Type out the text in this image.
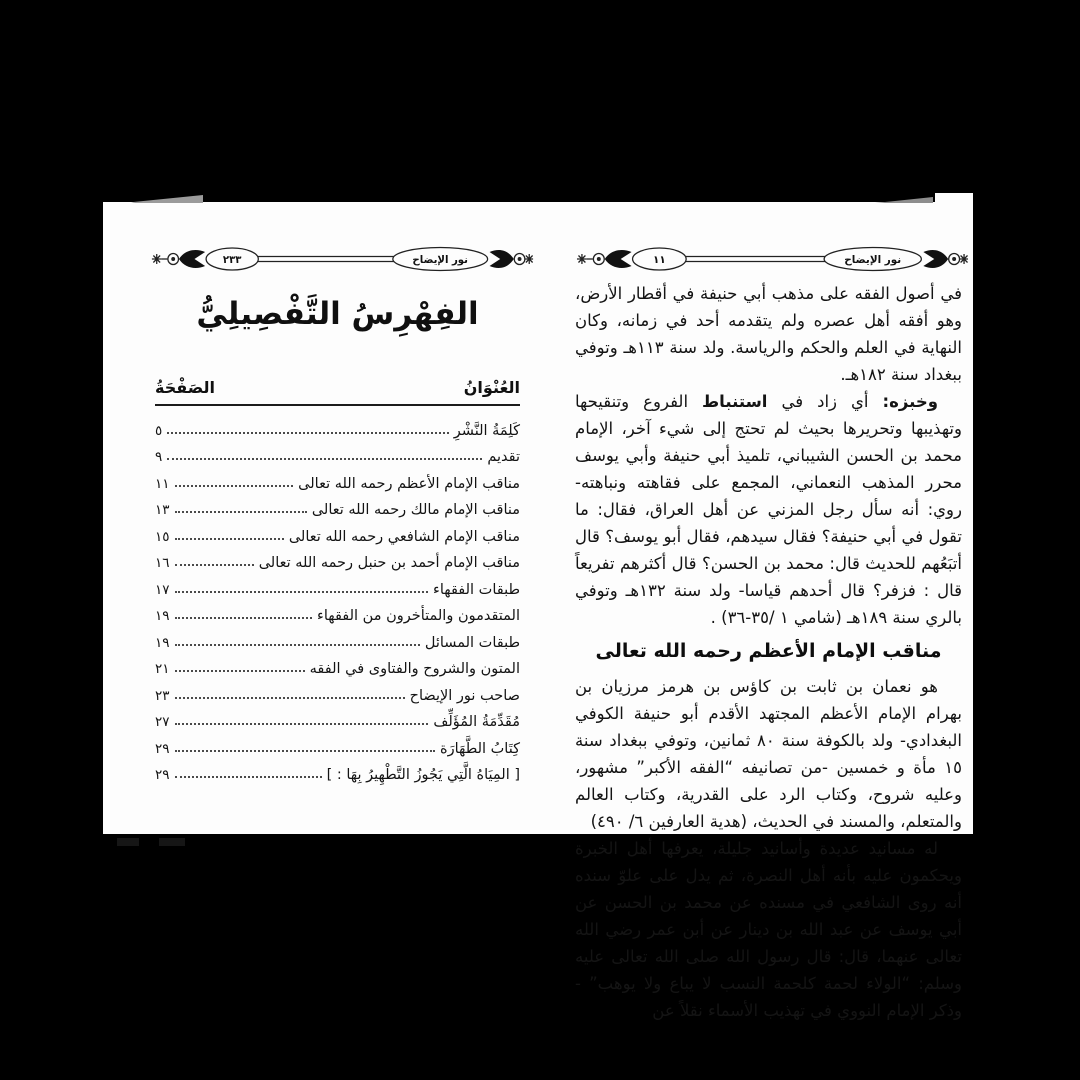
٢٣٣	نور الإيضاح
الفِهْرِسُ التَّفْصِيلِيُّ
العُنْوَانُ
الصَفْحَةُ
كَلِمَةُ النَّشْرِ
٥
تقديم
٩
مناقب الإمام الأعظم رحمه الله تعالى
١١
مناقب الإمام مالك رحمه الله تعالى
١٣
مناقب الإمام الشافعي رحمه الله تعالى
١٥
مناقب الإمام أحمد بن حنبل رحمه الله تعالى
١٦
طبقات الفقهاء
١٧
المتقدمون والمتأخرون من الفقهاء
١٩
طبقات المسائل
١٩
المتون والشروح والفتاوى في الفقه
٢١
صاحب نور الإيضاح
٢٣
مُقَدِّمَةُ المُؤَلِّف
٢٧
كِتَابُ الطَّهَارَة
٢٩
[ المِيَاهُ الَّتِي يَجُوزُ التَّطْهِيرُ بِهَا : ]
٢٩
١١	نور الإيضاح

في أصول الفقه على مذهب أبي حنيفة في أقطار الأرض، وهو أفقه أهل عصره ولم يتقدمه أحد في زمانه، وكان النهاية في العلم والحكم والرياسة. ولد سنة ١١٣هـ وتوفي ببغداد سنة ١٨٢هـ.

وخبزه: أي زاد في استنباط الفروع وتنقيحها وتهذيبها وتحريرها بحيث لم تحتج إلى شيء آخر، الإمام محمد بن الحسن الشيباني، تلميذ أبي حنيفة وأبي يوسف محرر المذهب النعماني، المجمع على فقاهته ونباهته- روي: أنه سأل رجل المزني عن أهل العراق، فقال: ما تقول في أبي حنيفة؟ فقال سيدهم، فقال أبو يوسف؟ قال أتبَعُهم للحديث قال: محمد بن الحسن؟ قال أكثرهم تفريعاً قال : فزفر؟ قال أحدهم قياسا- ولد سنة ١٣٢هـ وتوفي بالري سنة ١٨٩هـ (شامي ١ /٣٥-٣٦) .

مناقب الإمام الأعظم رحمه الله تعالى

هو نعمان بن ثابت بن كاؤس بن هرمز مرزيان بن بهرام الإمام الأعظم المجتهد الأقدم أبو حنيفة الكوفي البغدادي- ولد بالكوفة سنة ٨٠ ثمانين، وتوفي ببغداد سنة ١٥ مأة و خمسين -من تصانيفه “الفقه الأكبر” مشهور، وعليه شروح، وكتاب الرد على القدرية، وكتاب العالم والمتعلم، والمسند في الحديث، (هدية العارفين ٦/ ٤٩٠)

له مسانيد عديدة وأسانيد جليلة، يعرفها أهل الخبرة ويحكمون عليه بأنه أهل النصرة، ثم يدل على علوّ سنده أنه روى الشافعي في مسنده عن محمد بن الحسن عن أبي يوسف عن عبد الله بن دينار عن أبن عمر رضي الله تعالى عنهما، قال: قال رسول الله صلى الله تعالى عليه وسلم: “الولاء لحمة كلحمة النسب لا يباع ولا يوهب” - وذكر الإمام النووي في تهذيب الأسماء نقلاً عن
